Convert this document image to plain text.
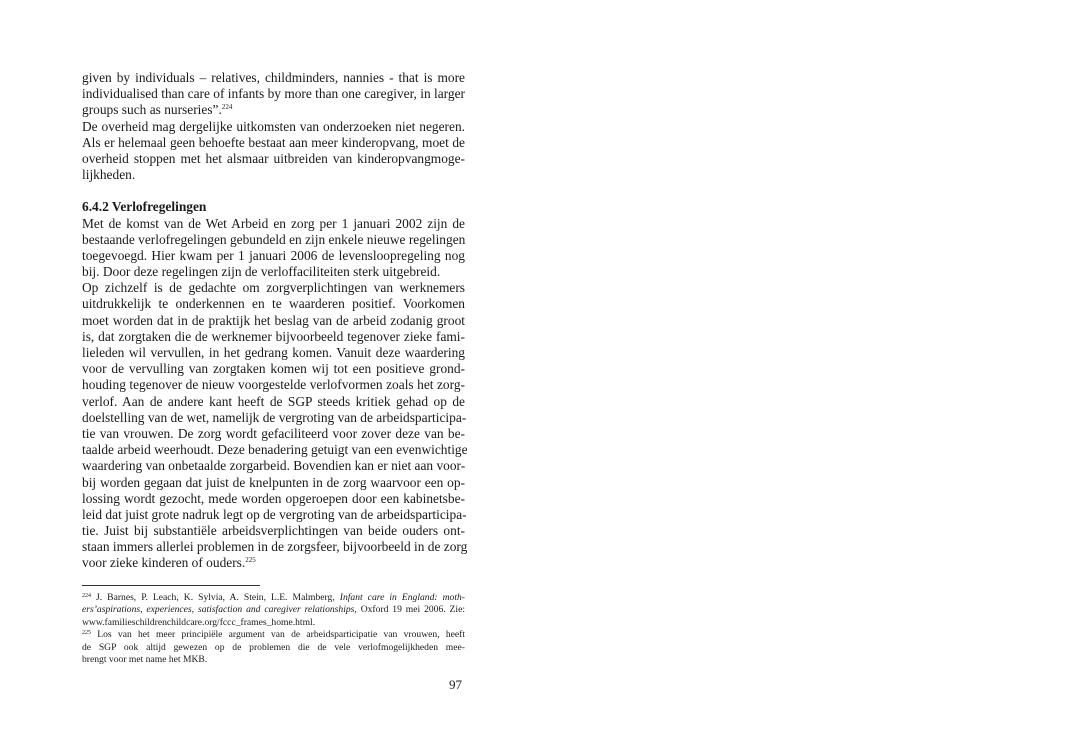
given by individuals – relatives, childminders, nannies - that is more
individualised than care of infants by more than one caregiver, in larger
groups such as nurseries”.$^{224}$
De overheid mag dergelijke uitkomsten van onderzoeken niet negeren.
Als er helemaal geen behoefte bestaat aan meer kinderopvang, moet de
overheid stoppen met het alsmaar uitbreiden van kinderopvangmoge-
lijkheden.
6.4.2 Verlofregelingen
Met de komst van de Wet Arbeid en zorg per 1 januari 2002 zijn de
bestaande verlofregelingen gebundeld en zijn enkele nieuwe regelingen
toegevoegd. Hier kwam per 1 januari 2006 de levensloopregeling nog
bij. Door deze regelingen zijn de verloffaciliteiten sterk uitgebreid.
Op zichzelf is de gedachte om zorgverplichtingen van werknemers
uitdrukkelijk te onderkennen en te waarderen positief. Voorkomen
moet worden dat in de praktijk het beslag van de arbeid zodanig groot
is, dat zorgtaken die de werknemer bijvoorbeeld tegenover zieke fami-
lieleden wil vervullen, in het gedrang komen. Vanuit deze waardering
voor de vervulling van zorgtaken komen wij tot een positieve grond-
houding tegenover de nieuw voorgestelde verlofvormen zoals het zorg-
verlof. Aan de andere kant heeft de SGP steeds kritiek gehad op de
doelstelling van de wet, namelijk de vergroting van de arbeidsparticipa-
tie van vrouwen. De zorg wordt gefaciliteerd voor zover deze van be-
taalde arbeid weerhoudt. Deze benadering getuigt van een evenwichtige
waardering van onbetaalde zorgarbeid. Bovendien kan er niet aan voor-
bij worden gegaan dat juist de knelpunten in de zorg waarvoor een op-
lossing wordt gezocht, mede worden opgeroepen door een kabinetsbe-
leid dat juist grote nadruk legt op de vergroting van de arbeidsparticipa-
tie. Juist bij substantiële arbeidsverplichtingen van beide ouders ont-
staan immers allerlei problemen in de zorgsfeer, bijvoorbeeld in de zorg
voor zieke kinderen of ouders.$^{225}$
$^{224}$ J. Barnes, P. Leach, K. Sylvia, A. Stein, L.E. Malmberg, Infant care in England: moth-
ers’aspirations, experiences, satisfaction and caregiver relationships, Oxford 19 mei 2006. Zie:
www.familieschildrenchildcare.org/fccc_frames_home.html.
$^{225}$ Los van het meer principiële argument van de arbeidsparticipatie van vrouwen, heeft
de SGP ook altijd gewezen op de problemen die de vele verlofmogelijkheden mee-
brengt voor met name het MKB.
97
